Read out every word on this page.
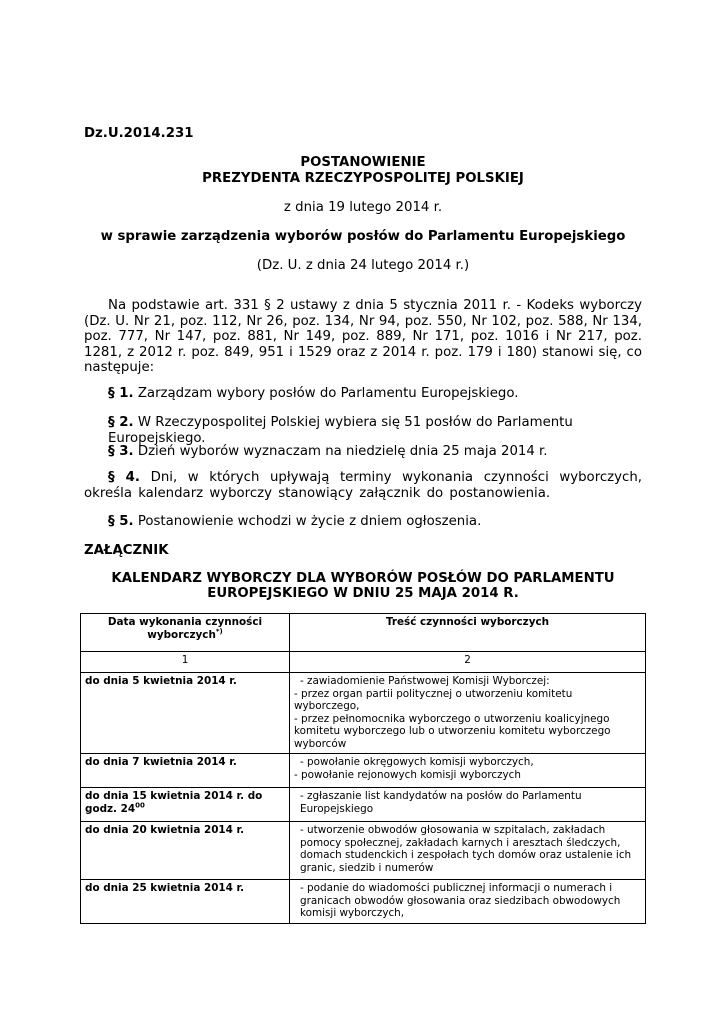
Dz.U.2014.231
POSTANOWIENIE
PREZYDENTA RZECZYPOSPOLITEJ POLSKIEJ
z dnia 19 lutego 2014 r.
w sprawie zarządzenia wyborów posłów do Parlamentu Europejskiego
(Dz. U. z dnia 24 lutego 2014 r.)
Na podstawie art. 331 § 2 ustawy z dnia 5 stycznia 2011 r. - Kodeks wyborczy (Dz. U. Nr 21, poz. 112, Nr 26, poz. 134, Nr 94, poz. 550, Nr 102, poz. 588, Nr 134, poz. 777, Nr 147, poz. 881, Nr 149, poz. 889, Nr 171, poz. 1016 i Nr 217, poz. 1281, z 2012 r. poz. 849, 951 i 1529 oraz z 2014 r. poz. 179 i 180) stanowi się, co następuje:
§ 1. Zarządzam wybory posłów do Parlamentu Europejskiego.
§ 2. W Rzeczypospolitej Polskiej wybiera się 51 posłów do Parlamentu Europejskiego.
§ 3. Dzień wyborów wyznaczam na niedzielę dnia 25 maja 2014 r.
§ 4. Dni, w których upływają terminy wykonania czynności wyborczych, określa kalendarz wyborczy stanowiący załącznik do postanowienia.
§ 5. Postanowienie wchodzi w życie z dniem ogłoszenia.
ZAŁĄCZNIK
KALENDARZ WYBORCZY DLA WYBORÓW POSŁÓW DO PARLAMENTU
EUROPEJSKIEGO W DNIU 25 MAJA 2014 R.
Data wykonania czynności wyborczych*)	Treść czynności wyborczych
1	2
do dnia 5 kwietnia 2014 r.	- zawiadomienie Państwowej Komisji Wyborczej:
- przez organ partii politycznej o utworzeniu komitetu wyborczego,
- przez pełnomocnika wyborczego o utworzeniu koalicyjnego komitetu wyborczego lub o utworzeniu komitetu wyborczego wyborców

do dnia 7 kwietnia 2014 r.	- powołanie okręgowych komisji wyborczych,
- powołanie rejonowych komisji wyborczych

do dnia 15 kwietnia 2014 r. do godz. $24^{00}$	- zgłaszanie list kandydatów na posłów do Parlamentu Europejskiego

do dnia 20 kwietnia 2014 r.	- utworzenie obwodów głosowania w szpitalach, zakładach pomocy społecznej, zakładach karnych i aresztach śledczych, domach studenckich i zespołach tych domów oraz ustalenie ich granic, siedzib i numerów

do dnia 25 kwietnia 2014 r.	- podanie do wiadomości publicznej informacji o numerach i granicach obwodów głosowania oraz siedzibach obwodowych komisji wyborczych,
